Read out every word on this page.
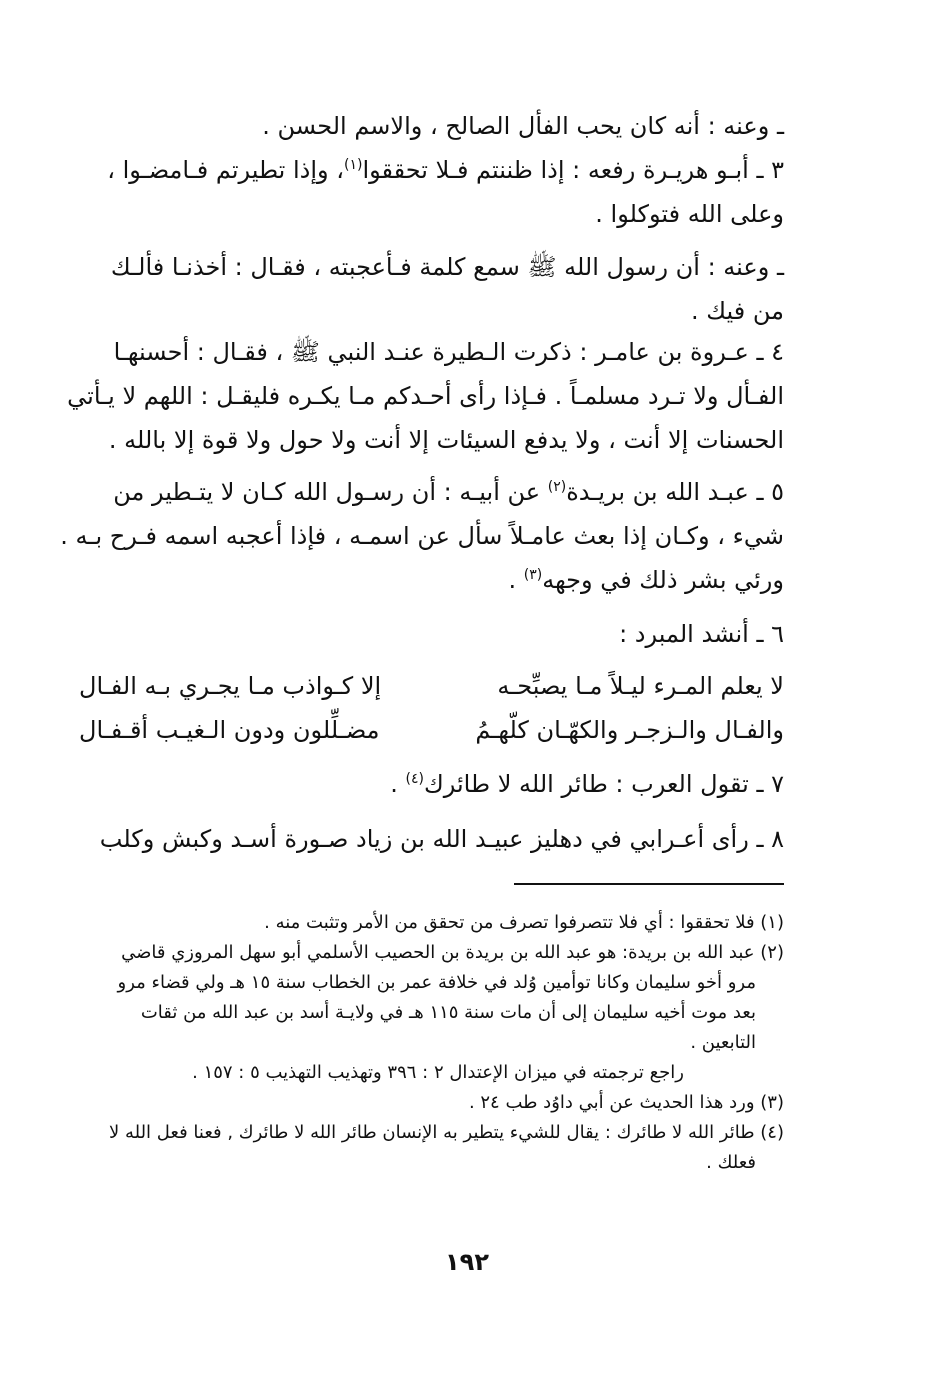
ـ وعنه : أنه كان يحب الفأل الصالح ، والاسم الحسن .
٣ ـ أبـو هريـرة رفعه : إذا ظننتم فـلا تحققوا$^{(١)}$، وإذا تطيرتم فـامضـوا ،
وعلى الله فتوكلوا .
ـ وعنه : أن رسول الله ﷺ سمع كلمة فـأعجبته ، فقـال : أخذنـا فألـك
من فيك .
٤ ـ عـروة بن عامـر : ذكرت الـطيرة عنـد النبي ﷺ ، فقـال : أحسنهـا
الفـأل ولا تـرد مسلمـاً . فـإذا رأى أحـدكم مـا يكـره فليقـل : اللهم لا يـأتي
الحسنات إلا أنت ، ولا يدفع السيئات إلا أنت ولا حول ولا قوة إلا بالله .
٥ ـ عبـد الله بن بريـدة$^{(٢)}$ عن أبيـه : أن رسـول الله كـان لا يتـطير من
شيء ، وكـان إذا بعث عامـلاً سأل عن اسمـه ، فإذا أعجبه اسمه فـرح بـه .
ورئي بشر ذلك في وجهه$^{(٣)}$ .
٦ ـ أنشد المبرد :
لا يعلم المـرء ليـلاً مـا يصبِّحـه
إلا كـواذب مـا يجـري بـه الفـال
والفـال والـزجـر والكهّـان كلّهـمُ
مضـلِّلون ودون الـغيـب أقـفـال
٧ ـ تقول العرب : طائر الله لا طائرك$^{(٤)}$ .
٨ ـ رأى أعـرابي في دهليز عبيـد الله بن زياد صـورة أسـد وكبش وكلب

(١) فلا تحققوا : أي فلا تتصرفوا تصرف من تحقق من الأمر وتثبت منه .

(٢) عبد الله بن بريدة: هو عبد الله بن بريدة بن الحصيب الأسلمي أبو سهل المروزي قاضي

مرو أخو سليمان وكانا توأمين وُلد في خلافة عمر بن الخطاب سنة ١٥ هـ ولي قضاء مرو

بعد موت أخيه سليمان إلى أن مات سنة ١١٥ هـ في ولايـة أسد بن عبد الله من ثقات

التابعين .

راجع ترجمته في ميزان الإعتدال ٢ : ٣٩٦ وتهذيب التهذيب ٥ : ١٥٧ .

(٣) ورد هذا الحديث عن أبي داوُد طب ٢٤ .

(٤) طائر الله لا طائرك : يقال للشيء يتطير به الإنسان طائر الله لا طائرك , فعنا فعل الله لا

فعلك .

١٩٢
